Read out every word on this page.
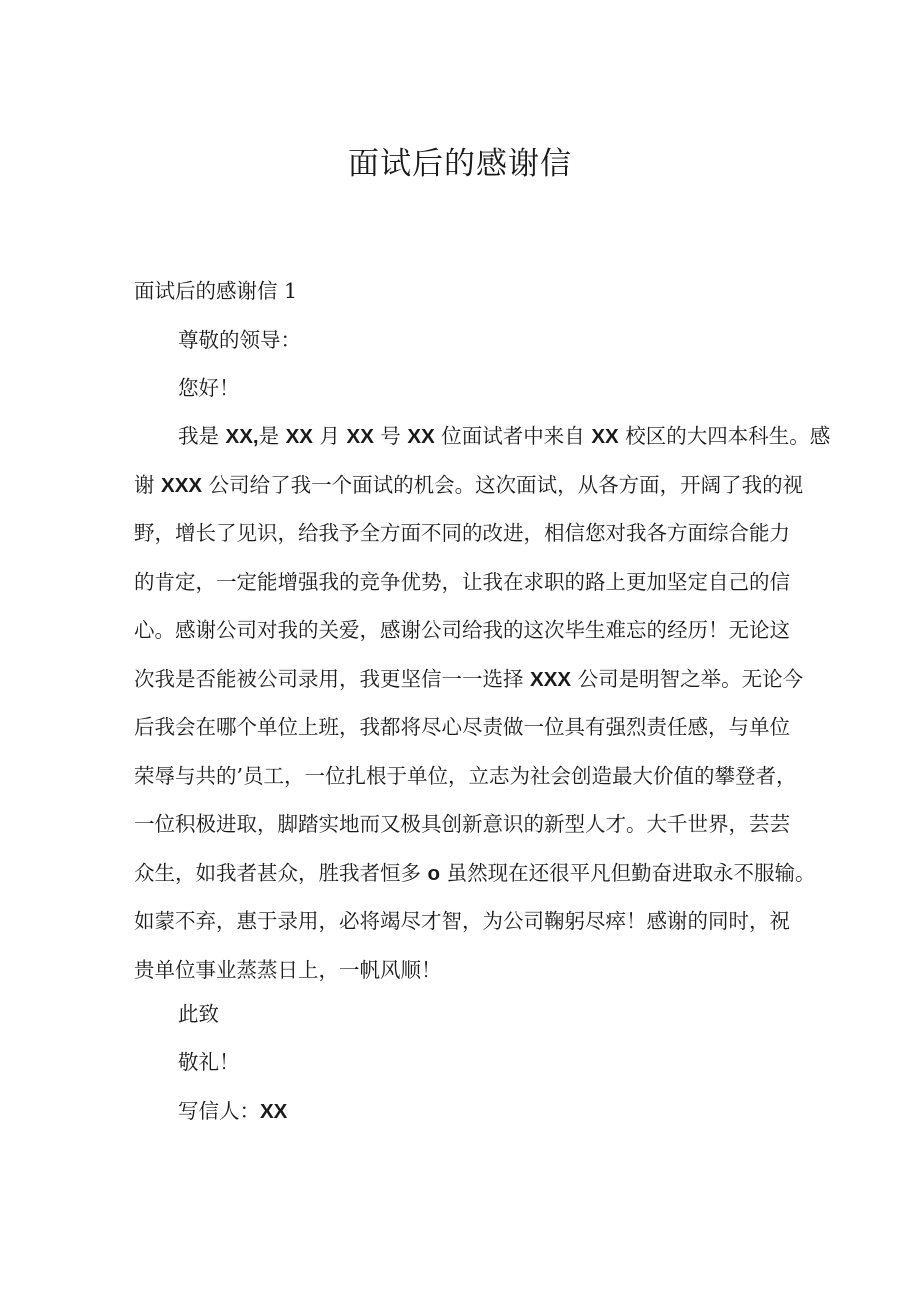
面试后的感谢信

面试后的感谢信 1

尊敬的领导：

您好！

我是 XX,是 XX 月 XX 号 XX 位面试者中来自 XX 校区的大四本科生。感

谢 XXX 公司给了我一个面试的机会。这次面试，从各方面，开阔了我的视

野，增长了见识，给我予全方面不同的改进，相信您对我各方面综合能力

的肯定，一定能增强我的竞争优势，让我在求职的路上更加坚定自己的信

心。感谢公司对我的关爱，感谢公司给我的这次毕生难忘的经历！无论这

次我是否能被公司录用，我更坚信一一选择 XXX 公司是明智之举。无论今

后我会在哪个单位上班，我都将尽心尽责做一位具有强烈责任感，与单位

荣辱与共的’员工，一位扎根于单位，立志为社会创造最大价值的攀登者，

一位积极进取，脚踏实地而又极具创新意识的新型人才。大千世界，芸芸

众生，如我者甚众，胜我者恒多 o 虽然现在还很平凡但勤奋进取永不服输。

如蒙不弃，惠于录用，必将竭尽才智，为公司鞠躬尽瘁！感谢的同时，祝

贵单位事业蒸蒸日上，一帆风顺！

此致

敬礼！

写信人：XX
